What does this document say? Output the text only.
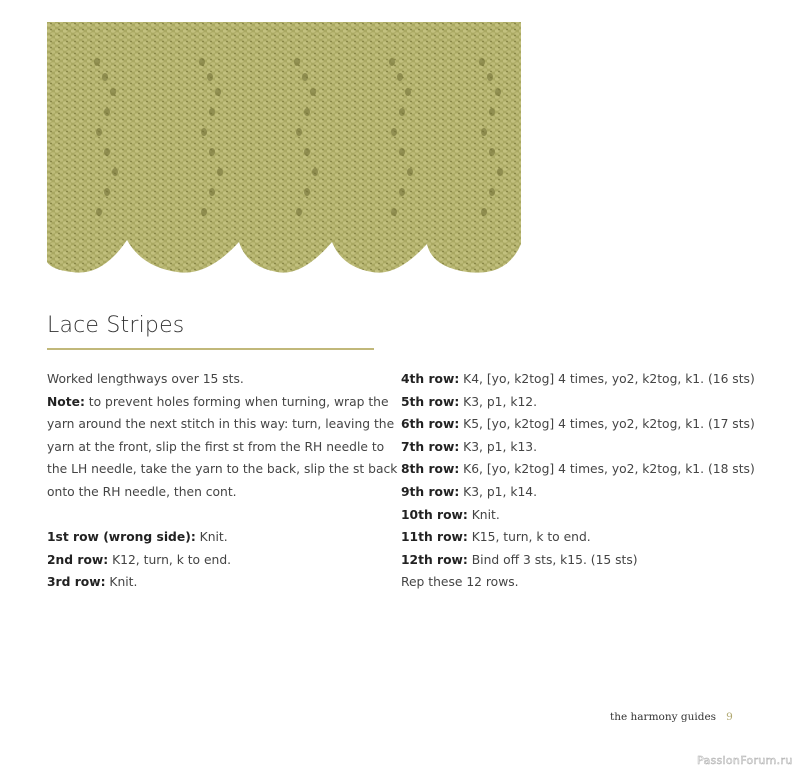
Lace Stripes

Worked lengthways over 15 sts.

Note: to prevent holes forming when turning, wrap the

yarn around the next stitch in this way: turn, leaving the

yarn at the front, slip the first st from the RH needle to

the LH needle, take the yarn to the back, slip the st back

onto the RH needle, then cont.

1st row (wrong side): Knit.

2nd row: K12, turn, k to end.

3rd row: Knit.

4th row: K4, [yo, k2tog] 4 times, yo2, k2tog, k1. (16 sts)

5th row: K3, p1, k12.

6th row: K5, [yo, k2tog] 4 times, yo2, k2tog, k1. (17 sts)

7th row: K3, p1, k13.

8th row: K6, [yo, k2tog] 4 times, yo2, k2tog, k1. (18 sts)

9th row: K3, p1, k14.

10th row: Knit.

11th row: K15, turn, k to end.

12th row: Bind off 3 sts, k15. (15 sts)

Rep these 12 rows.

the harmony guides 9
PassionForum.ru
